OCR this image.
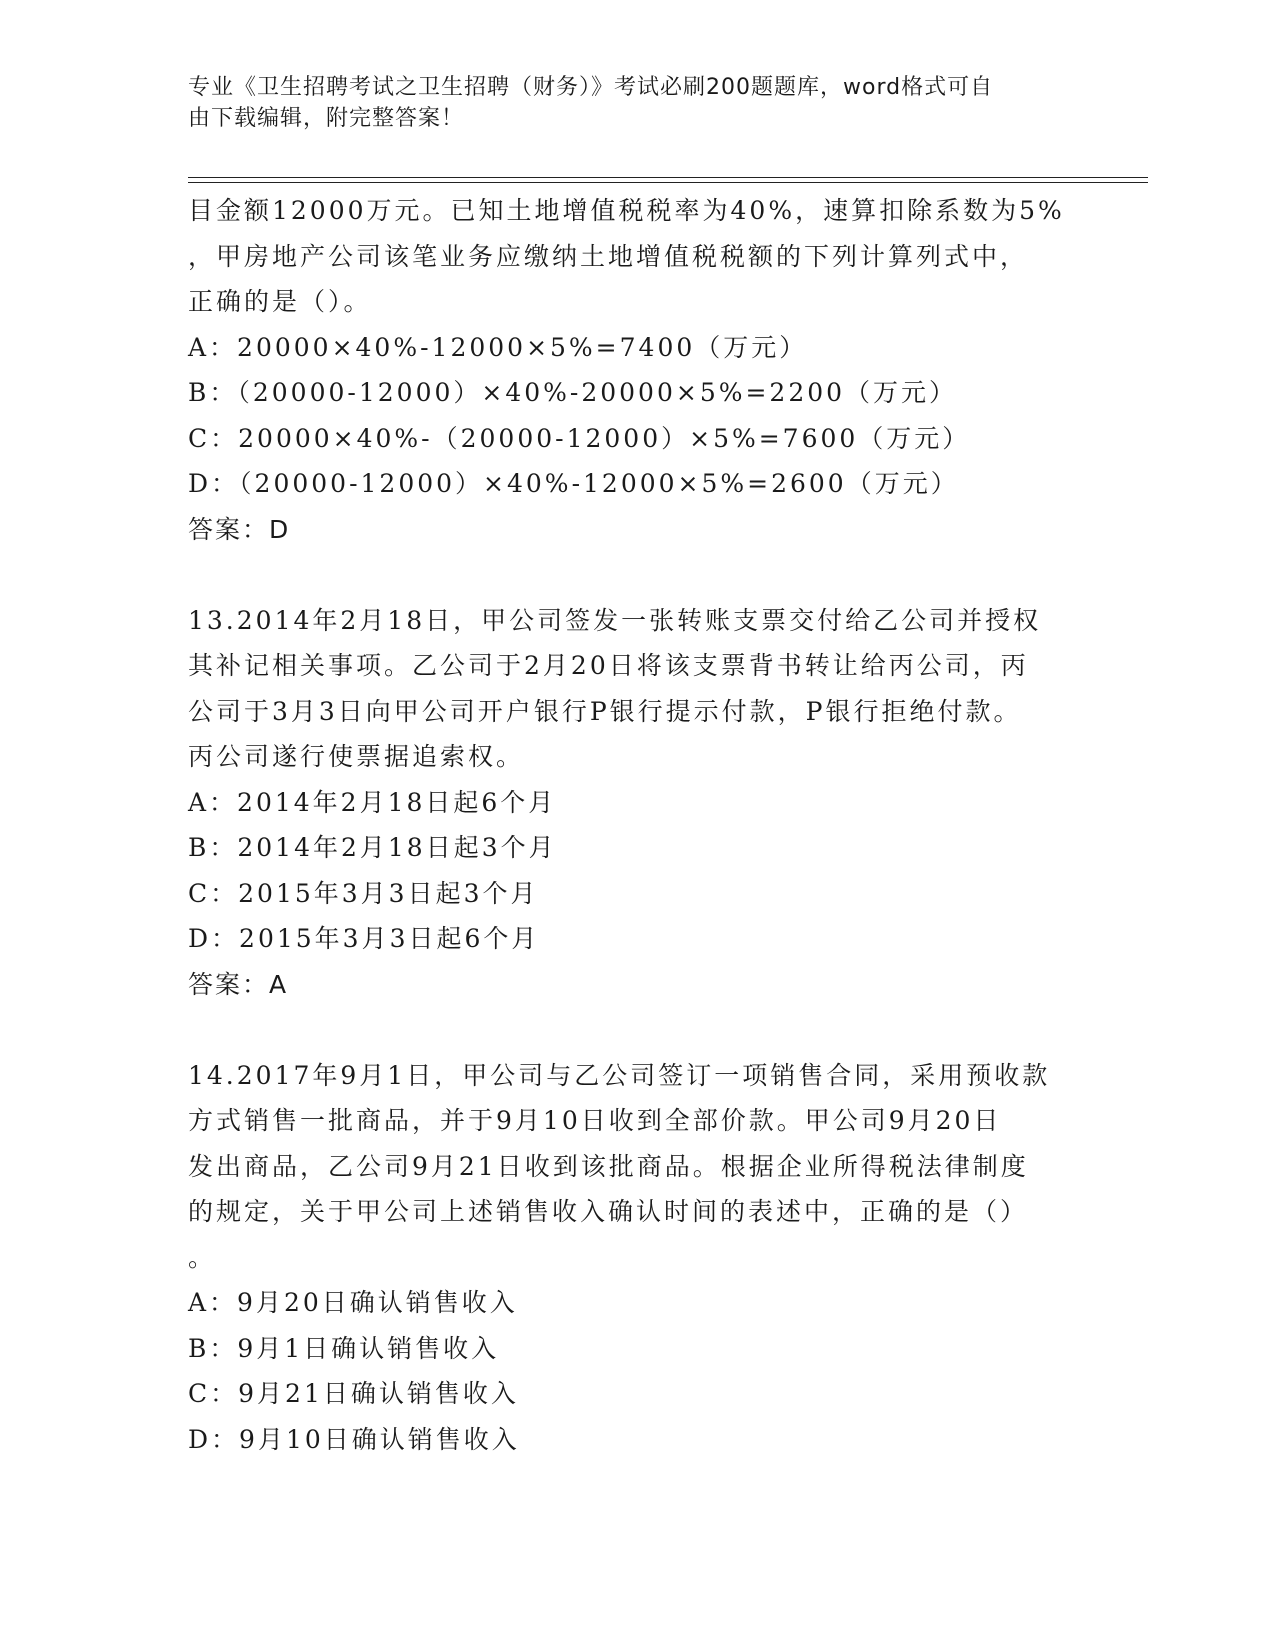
专业《卫生招聘考试之卫生招聘（财务）》考试必刷200题题库，word格式可自
由下载编辑，附完整答案！
目金额12000万元。已知土地增值税税率为40%，速算扣除系数为5%
，甲房地产公司该笔业务应缴纳土地增值税税额的下列计算列式中，
正确的是（）。
A：20000×40%-12000×5%=7400（万元）
B：（20000-12000）×40%-20000×5%=2200（万元）
C：20000×40%-（20000-12000）×5%=7600（万元）
D：（20000-12000）×40%-12000×5%=2600（万元）
答案：D
13.2014年2月18日，甲公司签发一张转账支票交付给乙公司并授权
其补记相关事项。乙公司于2月20日将该支票背书转让给丙公司，丙
公司于3月3日向甲公司开户银行P银行提示付款，P银行拒绝付款。
丙公司遂行使票据追索权。
A：2014年2月18日起6个月
B：2014年2月18日起3个月
C：2015年3月3日起3个月
D：2015年3月3日起6个月
答案：A
14.2017年9月1日，甲公司与乙公司签订一项销售合同，采用预收款
方式销售一批商品，并于9月10日收到全部价款。甲公司9月20日
发出商品，乙公司9月21日收到该批商品。根据企业所得税法律制度
的规定，关于甲公司上述销售收入确认时间的表述中，正确的是（）
。
A：9月20日确认销售收入
B：9月1日确认销售收入
C：9月21日确认销售收入
D：9月10日确认销售收入
